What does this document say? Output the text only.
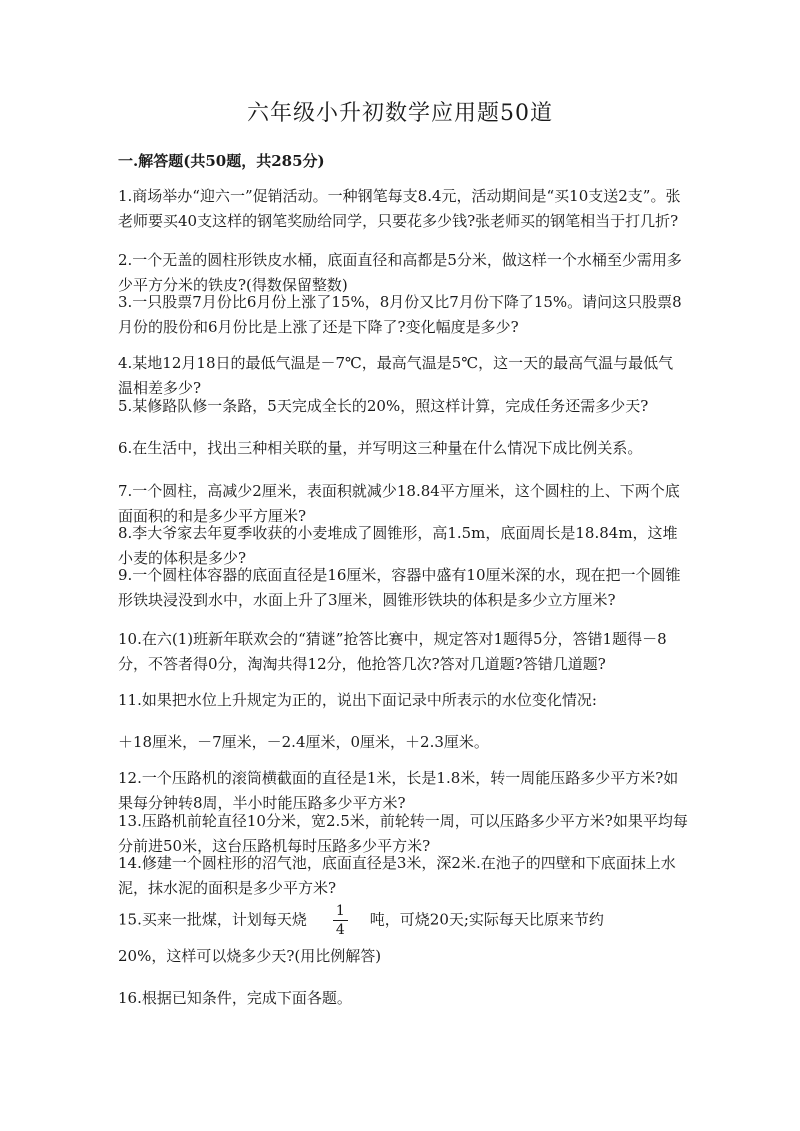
六年级小升初数学应用题50道
一.解答题(共50题，共285分)
1.商场举办“迎六一”促销活动。一种钢笔每支8.4元，活动期间是“买10支送2支”。张老师要买40支这样的钢笔奖励给同学，只要花多少钱?张老师买的钢笔相当于打几折?
2.一个无盖的圆柱形铁皮水桶，底面直径和高都是5分米，做这样一个水桶至少需用多少平方分米的铁皮?(得数保留整数)
3.一只股票7月份比6月份上涨了15%，8月份又比7月份下降了15%。请问这只股票8月份的股份和6月份比是上涨了还是下降了?变化幅度是多少?
4.某地12月18日的最低气温是－7℃，最高气温是5℃，这一天的最高气温与最低气温相差多少?
5.某修路队修一条路，5天完成全长的20%，照这样计算，完成任务还需多少天?
6.在生活中，找出三种相关联的量，并写明这三种量在什么情况下成比例关系。
7.一个圆柱，高减少2厘米，表面积就减少18.84平方厘米，这个圆柱的上、下两个底面面积的和是多少平方厘米?
8.李大爷家去年夏季收获的小麦堆成了圆锥形，高1.5m，底面周长是18.84m，这堆小麦的体积是多少?
9.一个圆柱体容器的底面直径是16厘米，容器中盛有10厘米深的水，现在把一个圆锥形铁块浸没到水中，水面上升了3厘米，圆锥形铁块的体积是多少立方厘米?
10.在六(1)班新年联欢会的“猜谜”抢答比赛中，规定答对1题得5分，答错1题得－8分，不答者得0分，淘淘共得12分，他抢答几次?答对几道题?答错几道题?
11.如果把水位上升规定为正的，说出下面记录中所表示的水位变化情况:
＋18厘米，－7厘米，－2.4厘米，0厘米，＋2.3厘米。
12.一个压路机的滚筒横截面的直径是1米，长是1.8米，转一周能压路多少平方米?如果每分钟转8周，半小时能压路多少平方米?
13.压路机前轮直径10分米，宽2.5米，前轮转一周，可以压路多少平方米?如果平均每分前进50米，这台压路机每时压路多少平方米?
14.修建一个圆柱形的沼气池，底面直径是3米，深2米.在池子的四壁和下底面抹上水泥，抹水泥的面积是多少平方米?
15.买来一批煤，计划每天烧 $\frac{1}{4}$ 吨，可烧20天;实际每天比原来节约
20%，这样可以烧多少天?(用比例解答)
16.根据已知条件，完成下面各题。
